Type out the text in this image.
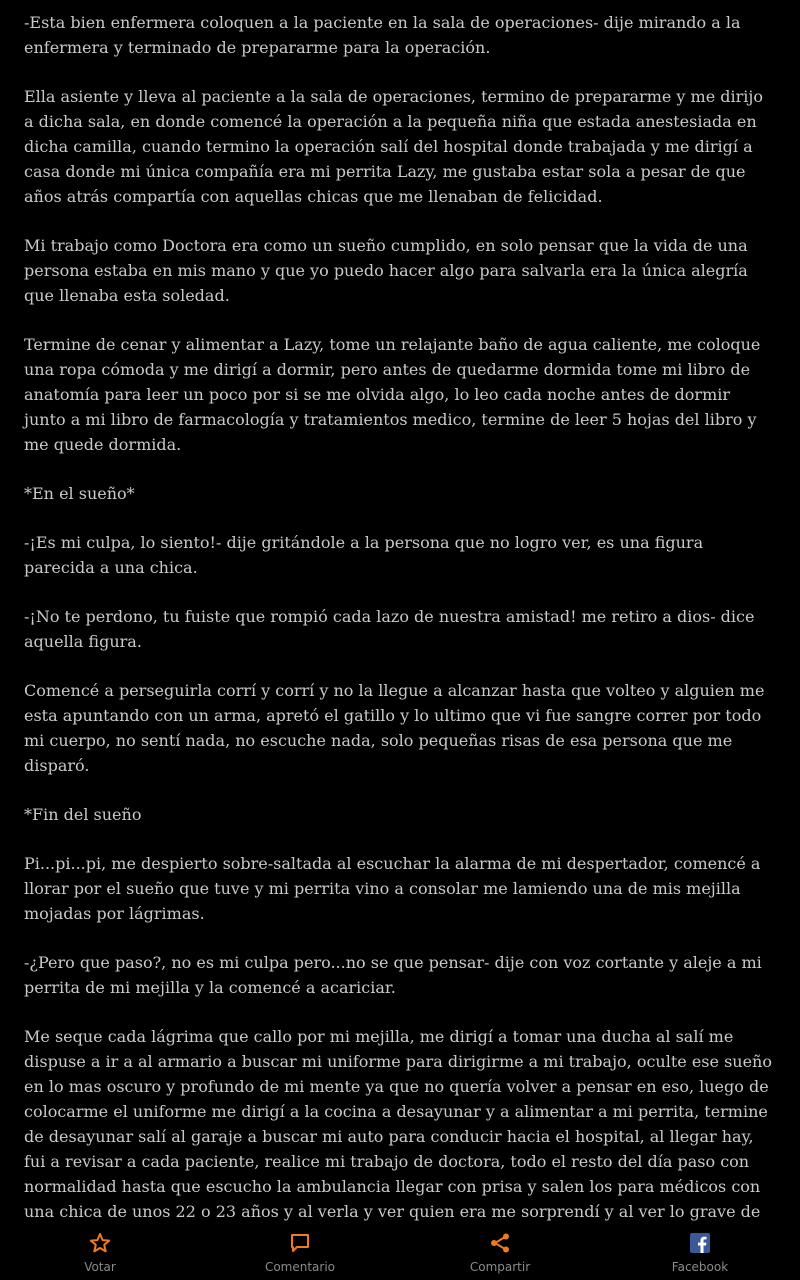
-Esta bien enfermera coloquen a la paciente en la sala de operaciones- dije mirando a la enfermera y terminado de prepararme para la operación.

Ella asiente y lleva al paciente a la sala de operaciones, termino de prepararme y me dirijo a dicha sala, en donde comencé la operación a la pequeña niña que estada anestesiada en dicha camilla, cuando termino la operación salí del hospital donde trabajada y me dirigí a casa donde mi única compañía era mi perrita Lazy, me gustaba estar sola a pesar de que años atrás compartía con aquellas chicas que me llenaban de felicidad.

Mi trabajo como Doctora era como un sueño cumplido, en solo pensar que la vida de una persona estaba en mis mano y que yo puedo hacer algo para salvarla era la única alegría que llenaba esta soledad.

Termine de cenar y alimentar a Lazy, tome un relajante baño de agua caliente, me coloque una ropa cómoda y me dirigí a dormir, pero antes de quedarme dormida tome mi libro de anatomía para leer un poco por si se me olvida algo, lo leo cada noche antes de dormir junto a mi libro de farmacología y tratamientos medico, termine de leer 5 hojas del libro y me quede dormida.

*En el sueño*

-¡Es mi culpa, lo siento!- dije gritándole a la persona que no logro ver, es una figura parecida a una chica.

-¡No te perdono, tu fuiste que rompió cada lazo de nuestra amistad! me retiro a dios- dice aquella figura.

Comencé a perseguirla corrí y corrí y no la llegue a alcanzar hasta que volteo y alguien me esta apuntando con un arma, apretó el gatillo y lo ultimo que vi fue sangre correr por todo mi cuerpo, no sentí nada, no escuche nada, solo pequeñas risas de esa persona que me disparó.

*Fin del sueño

Pi...pi...pi, me despierto sobre-saltada al escuchar la alarma de mi despertador, comencé a llorar por el sueño que tuve y mi perrita vino a consolar me lamiendo una de mis mejilla mojadas por lágrimas.

-¿Pero que paso?, no es mi culpa pero...no se que pensar- dije con voz cortante y aleje a mi perrita de mi mejilla y la comencé a acariciar.

Me seque cada lágrima que callo por mi mejilla, me dirigí a tomar una ducha al salí me dispuse a ir a al armario a buscar mi uniforme para dirigirme a mi trabajo, oculte ese sueño en lo mas oscuro y profundo de mi mente ya que no quería volver a pensar en eso, luego de colocarme el uniforme me dirigí a la cocina a desayunar y a alimentar a mi perrita, termine de desayunar salí al garaje a buscar mi auto para conducir hacia el hospital, al llegar hay, fui a revisar a cada paciente, realice mi trabajo de doctora, todo el resto del día paso con normalidad hasta que escucho la ambulancia llegar con prisa y salen los para médicos con una chica de unos 22 o 23 años y al verla y ver quien era me sorprendí y al ver lo grave de

Votar	Comentario	Compartir	Facebook
